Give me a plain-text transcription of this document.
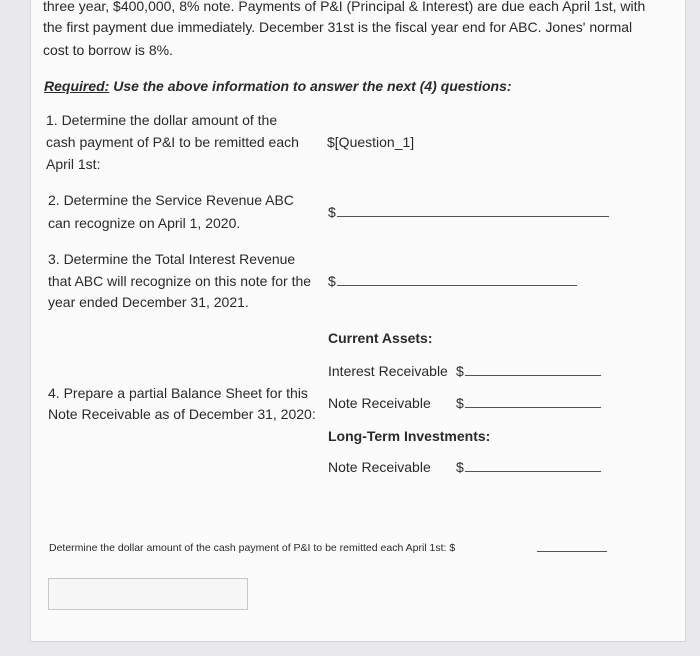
three year, $400,000, 8% note. Payments of P&I (Principal & Interest) are due each April 1st, with
the first payment due immediately. December 31st is the fiscal year end for ABC. Jones' normal
cost to borrow is 8%.
Required: Use the above information to answer the next (4) questions:
1. Determine the dollar amount of the
cash payment of P&I to be remitted each
April 1st:
$[Question_1]
2. Determine the Service Revenue ABC
can recognize on April 1, 2020.
$
3. Determine the Total Interest Revenue
that ABC will recognize on this note for the
year ended December 31, 2021.
$
Current Assets:
Interest Receivable $
4. Prepare a partial Balance Sheet for this
Note Receivable as of December 31, 2020:
Note Receivable $
Long-Term Investments:
Note Receivable $
Determine the dollar amount of the cash payment of P&I to be remitted each April 1st: $
